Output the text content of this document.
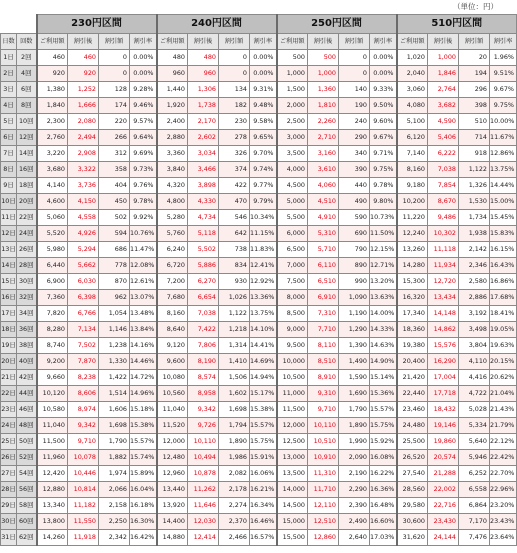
（単位：円）
		230円区間				240円区間				250円区間				510円区間			
日数	回数	ご利用額	割引後	割引額	割引率	ご利用額	割引後	割引額	割引率	ご利用額	割引後	割引額	割引率	ご利用額	割引後	割引額	割引率
1日	2回	460	460	0	0.00%	480	480	0	0.00%	500	500	0	0.00%	1,020	1,000	20	1.96%
2日	4回	920	920	0	0.00%	960	960	0	0.00%	1,000	1,000	0	0.00%	2,040	1,846	194	9.51%
3日	6回	1,380	1,252	128	9.28%	1,440	1,306	134	9.31%	1,500	1,360	140	9.33%	3,060	2,764	296	9.67%
4日	8回	1,840	1,666	174	9.46%	1,920	1,738	182	9.48%	2,000	1,810	190	9.50%	4,080	3,682	398	9.75%
5日	10回	2,300	2,080	220	9.57%	2,400	2,170	230	9.58%	2,500	2,260	240	9.60%	5,100	4,590	510	10.00%
6日	12回	2,760	2,494	266	9.64%	2,880	2,602	278	9.65%	3,000	2,710	290	9.67%	6,120	5,406	714	11.67%
7日	14回	3,220	2,908	312	9.69%	3,360	3,034	326	9.70%	3,500	3,160	340	9.71%	7,140	6,222	918	12.86%
8日	16回	3,680	3,322	358	9.73%	3,840	3,466	374	9.74%	4,000	3,610	390	9.75%	8,160	7,038	1,122	13.75%
9日	18回	4,140	3,736	404	9.76%	4,320	3,898	422	9.77%	4,500	4,060	440	9.78%	9,180	7,854	1,326	14.44%
10日	20回	4,600	4,150	450	9.78%	4,800	4,330	470	9.79%	5,000	4,510	490	9.80%	10,200	8,670	1,530	15.00%
11日	22回	5,060	4,558	502	9.92%	5,280	4,734	546	10.34%	5,500	4,910	590	10.73%	11,220	9,486	1,734	15.45%
12日	24回	5,520	4,926	594	10.76%	5,760	5,118	642	11.15%	6,000	5,310	690	11.50%	12,240	10,302	1,938	15.83%
13日	26回	5,980	5,294	686	11.47%	6,240	5,502	738	11.83%	6,500	5,710	790	12.15%	13,260	11,118	2,142	16.15%
14日	28回	6,440	5,662	778	12.08%	6,720	5,886	834	12.41%	7,000	6,110	890	12.71%	14,280	11,934	2,346	16.43%
15日	30回	6,900	6,030	870	12.61%	7,200	6,270	930	12.92%	7,500	6,510	990	13.20%	15,300	12,720	2,580	16.86%
16日	32回	7,360	6,398	962	13.07%	7,680	6,654	1,026	13.36%	8,000	6,910	1,090	13.63%	16,320	13,434	2,886	17.68%
17日	34回	7,820	6,766	1,054	13.48%	8,160	7,038	1,122	13.75%	8,500	7,310	1,190	14.00%	17,340	14,148	3,192	18.41%
18日	36回	8,280	7,134	1,146	13.84%	8,640	7,422	1,218	14.10%	9,000	7,710	1,290	14.33%	18,360	14,862	3,498	19.05%
19日	38回	8,740	7,502	1,238	14.16%	9,120	7,806	1,314	14.41%	9,500	8,110	1,390	14.63%	19,380	15,576	3,804	19.63%
20日	40回	9,200	7,870	1,330	14.46%	9,600	8,190	1,410	14.69%	10,000	8,510	1,490	14.90%	20,400	16,290	4,110	20.15%
21日	42回	9,660	8,238	1,422	14.72%	10,080	8,574	1,506	14.94%	10,500	8,910	1,590	15.14%	21,420	17,004	4,416	20.62%
22日	44回	10,120	8,606	1,514	14.96%	10,560	8,958	1,602	15.17%	11,000	9,310	1,690	15.36%	22,440	17,718	4,722	21.04%
23日	46回	10,580	8,974	1,606	15.18%	11,040	9,342	1,698	15.38%	11,500	9,710	1,790	15.57%	23,460	18,432	5,028	21.43%
24日	48回	11,040	9,342	1,698	15.38%	11,520	9,726	1,794	15.57%	12,000	10,110	1,890	15.75%	24,480	19,146	5,334	21.79%
25日	50回	11,500	9,710	1,790	15.57%	12,000	10,110	1,890	15.75%	12,500	10,510	1,990	15.92%	25,500	19,860	5,640	22.12%
26日	52回	11,960	10,078	1,882	15.74%	12,480	10,494	1,986	15.91%	13,000	10,910	2,090	16.08%	26,520	20,574	5,946	22.42%
27日	54回	12,420	10,446	1,974	15.89%	12,960	10,878	2,082	16.06%	13,500	11,310	2,190	16.22%	27,540	21,288	6,252	22.70%
28日	56回	12,880	10,814	2,066	16.04%	13,440	11,262	2,178	16.21%	14,000	11,710	2,290	16.36%	28,560	22,002	6,558	22.96%
29日	58回	13,340	11,182	2,158	16.18%	13,920	11,646	2,274	16.34%	14,500	12,110	2,390	16.48%	29,580	22,716	6,864	23.20%
30日	60回	13,800	11,550	2,250	16.30%	14,400	12,030	2,370	16.46%	15,000	12,510	2,490	16.60%	30,600	23,430	7,170	23.43%
31日	62回	14,260	11,918	2,342	16.42%	14,880	12,414	2,466	16.57%	15,500	12,860	2,640	17.03%	31,620	24,144	7,476	23.64%
